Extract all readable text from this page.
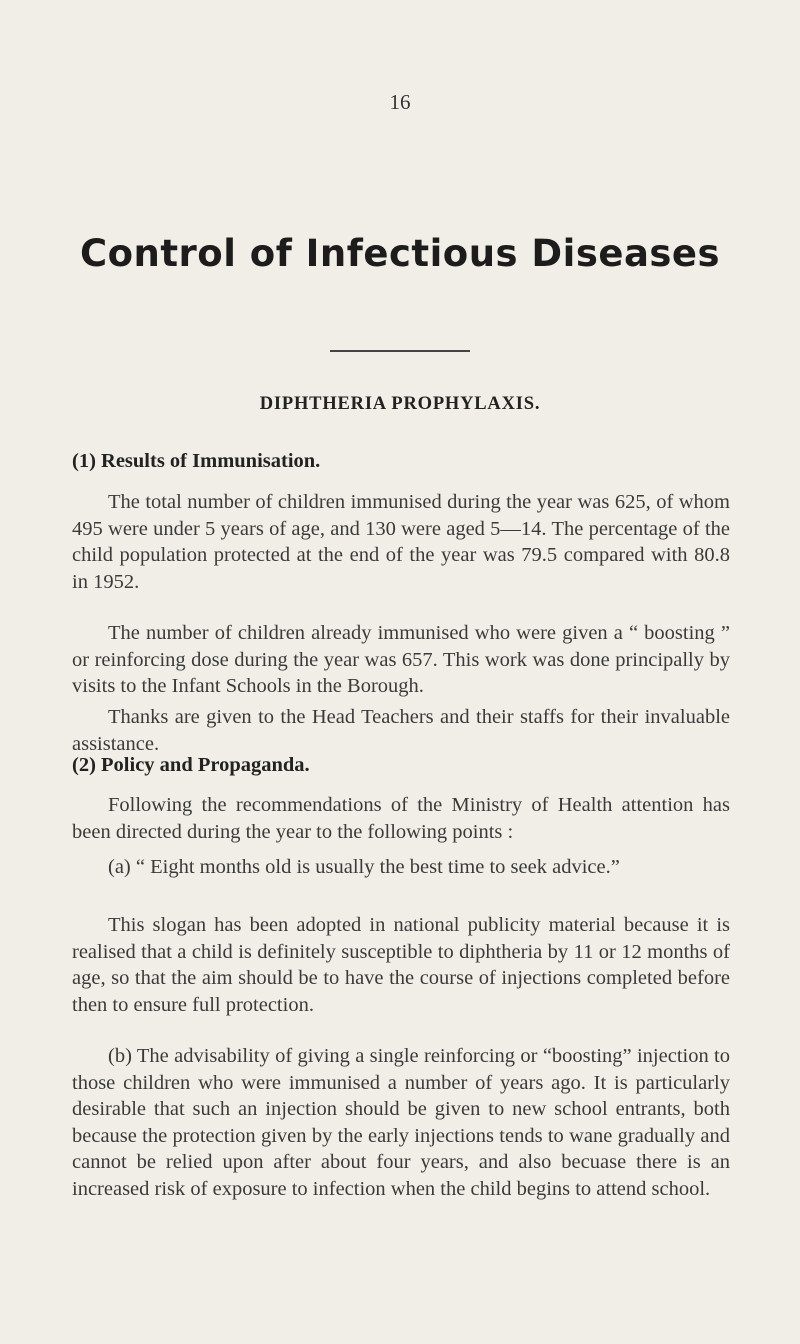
16
Control of Infectious Diseases
DIPHTHERIA PROPHYLAXIS.
(1) Results of Immunisation.
The total number of children immunised during the year was 625, of whom 495 were under 5 years of age, and 130 were aged 5—14. The percentage of the child population protected at the end of the year was 79.5 compared with 80.8 in 1952.
The number of children already immunised who were given a “ boosting ” or reinforcing dose during the year was 657. This work was done principally by visits to the Infant Schools in the Borough.
Thanks are given to the Head Teachers and their staffs for their invaluable assistance.
(2) Policy and Propaganda.
Following the recommendations of the Ministry of Health attention has been directed during the year to the following points :
(a) “ Eight months old is usually the best time to seek advice.”
This slogan has been adopted in national publicity material because it is realised that a child is definitely susceptible to diphtheria by 11 or 12 months of age, so that the aim should be to have the course of injections completed before then to ensure full protection.
(b) The advisability of giving a single reinforcing or “boosting” injection to those children who were immunised a number of years ago. It is particularly desirable that such an injection should be given to new school entrants, both because the protection given by the early injections tends to wane gradually and cannot be relied upon after about four years, and also becuase there is an increased risk of exposure to infection when the child begins to attend school.
